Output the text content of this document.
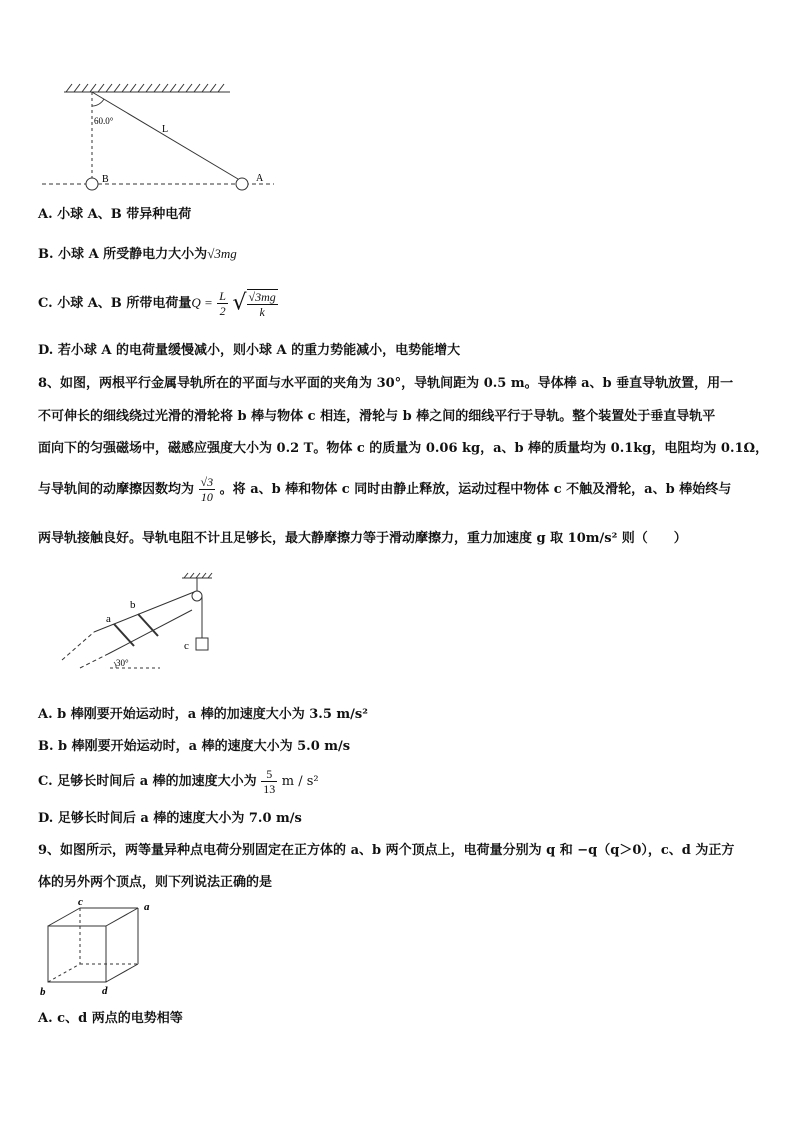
60.0°
L
B	A
A. 小球 A、B 带异种电荷
B. 小球 A 所受静电力大小为√3mg
C. 小球 A、B 所带电荷量$Q = \frac{L}{2}$ √ $\frac{√3mg}{k}$
D. 若小球 A 的电荷量缓慢减小，则小球 A 的重力势能减小，电势能增大
8、如图，两根平行金属导轨所在的平面与水平面的夹角为 30°，导轨间距为 0.5 m。导体棒 a、b 垂直导轨放置，用一
不可伸长的细线绕过光滑的滑轮将 b 棒与物体 c 相连，滑轮与 b 棒之间的细线平行于导轨。整个装置处于垂直导轨平
面向下的匀强磁场中，磁感应强度大小为 0.2 T。物体 c 的质量为 0.06 kg，a、b 棒的质量均为 0.1kg，电阻均为 0.1Ω，
与导轨间的动摩擦因数均为 $\frac{√3}{10}$ 。将 a、b 棒和物体 c 同时由静止释放，运动过程中物体 c 不触及滑轮，a、b 棒始终与
两导轨接触良好。导轨电阻不计且足够长，最大静摩擦力等于滑动摩擦力，重力加速度 g 取 10m/s² 则（　　）
a
b
c
30°
A. b 棒刚要开始运动时，a 棒的加速度大小为 3.5 m/s²
B. b 棒刚要开始运动时，a 棒的速度大小为 5.0 m/s
C. 足够长时间后 a 棒的加速度大小为 $\frac{5}{13}$ m / s²
D. 足够长时间后 a 棒的速度大小为 7.0 m/s
9、如图所示，两等量异种点电荷分别固定在正方体的 a、b 两个顶点上，电荷量分别为 q 和 −q（q＞0），c、d 为正方
体的另外两个顶点，则下列说法正确的是
c	a
b	d
A. c、d 两点的电势相等
